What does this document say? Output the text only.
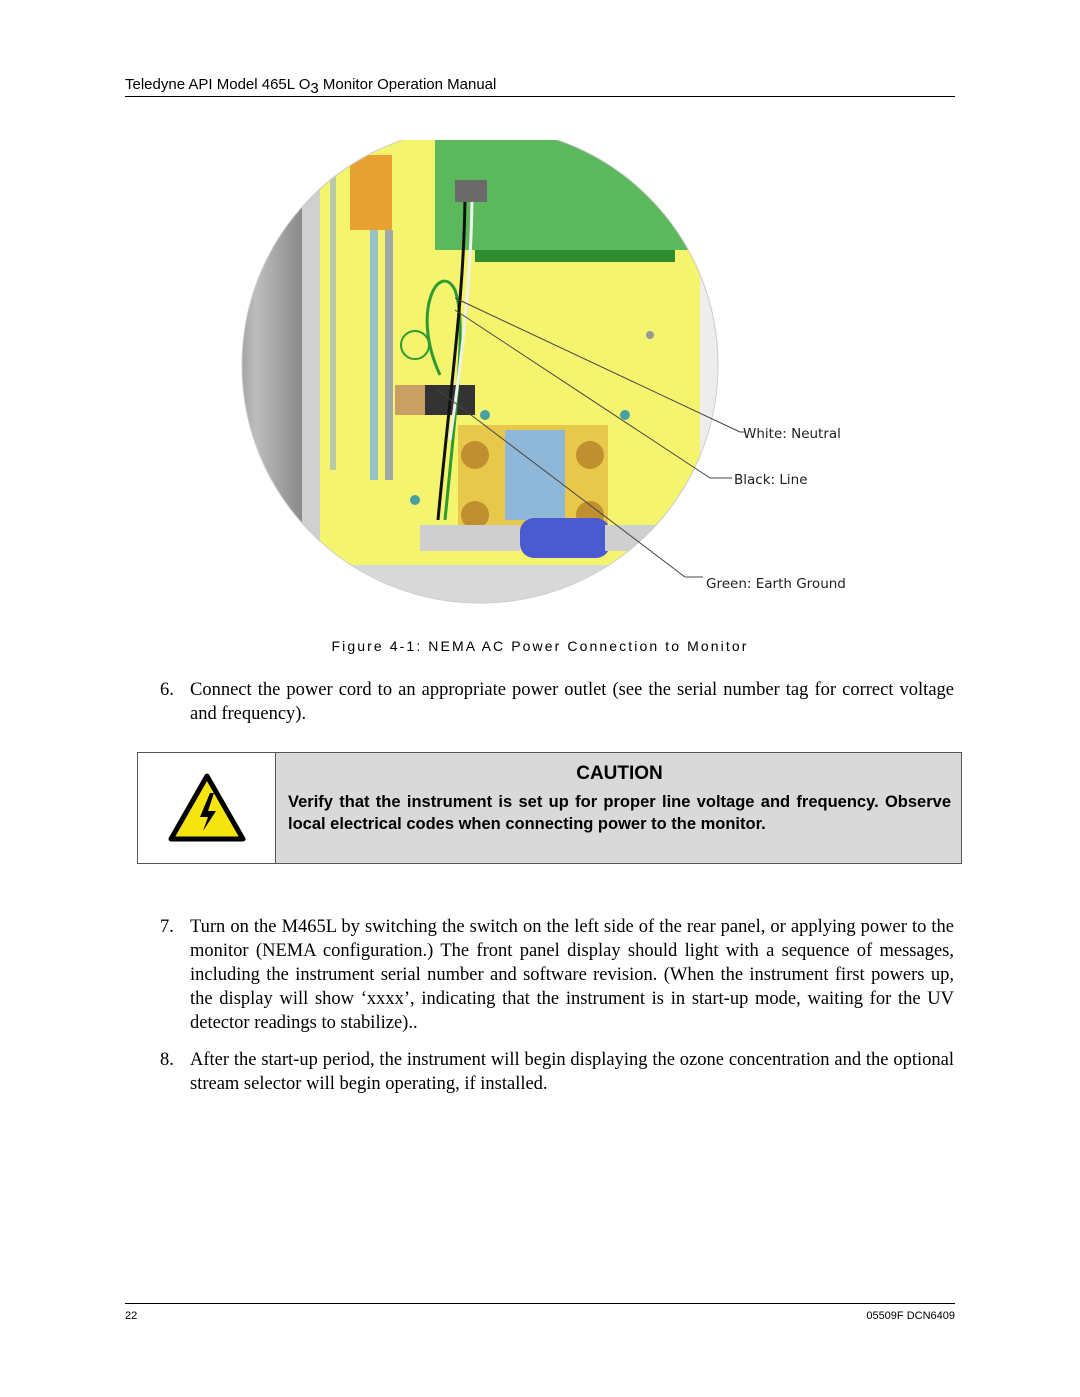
Teledyne API Model 465L $O_3$ Monitor Operation Manual
White: Neutral
Black: Line
Green: Earth Ground
Figure 4-1: NEMA AC Power Connection to Monitor
6. Connect the power cord to an appropriate power outlet (see the serial number tag for correct voltage and frequency).
CAUTION

Verify that the instrument is set up for proper line voltage and frequency. Observe local electrical codes when connecting power to the monitor.

7. Turn on the M465L by switching the switch on the left side of the rear panel, or applying power to the monitor (NEMA configuration.) The front panel display should light with a sequence of messages, including the instrument serial number and software revision. (When the instrument first powers up, the display will show ‘xxxx’, indicating that the instrument is in start-up mode, waiting for the UV detector readings to stabilize)..
8. After the start-up period, the instrument will begin displaying the ozone concentration and the optional stream selector will begin operating, if installed.
22	05509F DCN6409
